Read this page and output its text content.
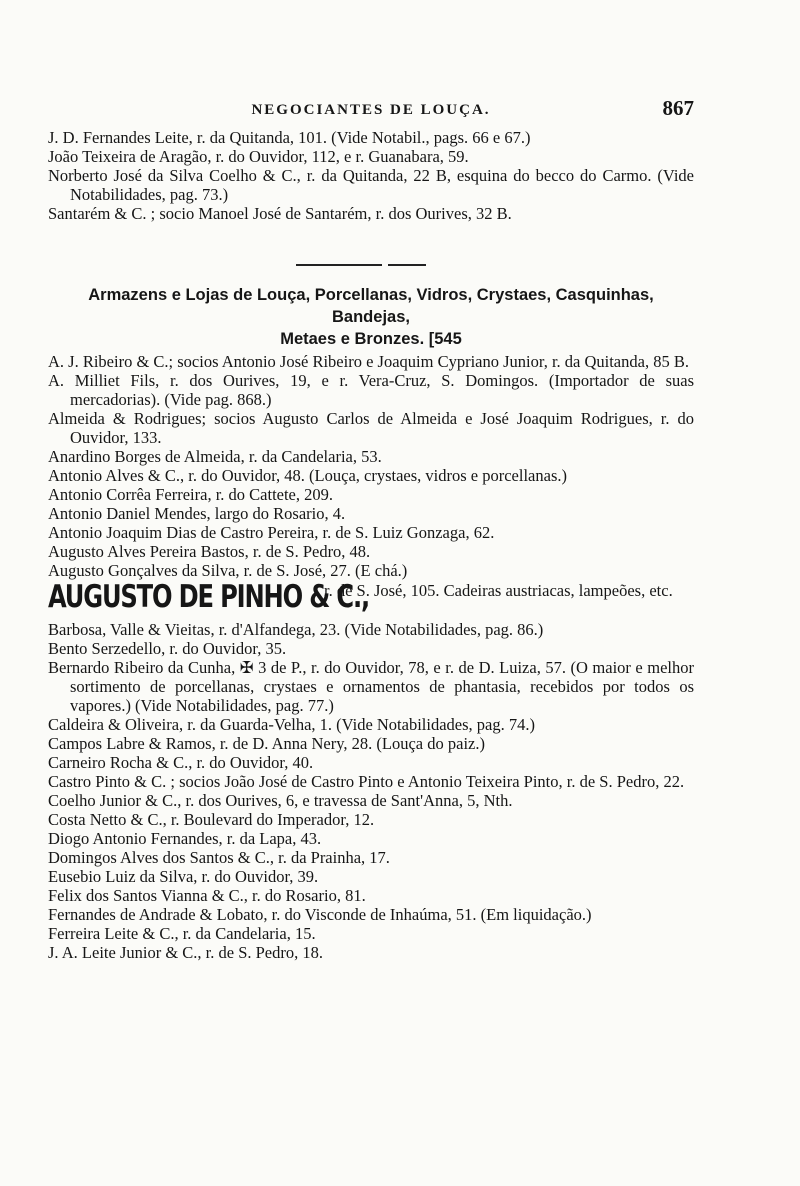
NEGOCIANTES DE LOUÇA.	867

J. D. Fernandes Leite, r. da Quitanda, 101. (Vide Notabil., pags. 66 e 67.)

João Teixeira de Aragão, r. do Ouvidor, 112, e r. Guanabara, 59.

Norberto José da Silva Coelho & C., r. da Quitanda, 22 B, esquina do becco do Carmo. (Vide Notabilidades, pag. 73.)

Santarém & C. ; socio Manoel José de Santarém, r. dos Ourives, 32 B.

Armazens e Lojas de Louça, Porcellanas, Vidros, Crystaes, Casquinhas, Bandejas,
Metaes e Bronzes. [545

A. J. Ribeiro & C.; socios Antonio José Ribeiro e Joaquim Cypriano Junior, r. da Quitanda, 85 B.

A. Milliet Fils, r. dos Ourives, 19, e r. Vera-Cruz, S. Domingos. (Importador de suas mercadorias). (Vide pag. 868.)

Almeida & Rodrigues; socios Augusto Carlos de Almeida e José Joaquim Rodrigues, r. do Ouvidor, 133.

Anardino Borges de Almeida, r. da Candelaria, 53.

Antonio Alves & C., r. do Ouvidor, 48. (Louça, crystaes, vidros e porcellanas.)

Antonio Corrêa Ferreira, r. do Cattete, 209.

Antonio Daniel Mendes, largo do Rosario, 4.

Antonio Joaquim Dias de Castro Pereira, r. de S. Luiz Gonzaga, 62.

Augusto Alves Pereira Bastos, r. de S. Pedro, 48.

Augusto Gonçalves da Silva, r. de S. José, 27. (E chá.)

AUGUSTO DE PINHO & C.,
r. de S. José, 105. Cadeiras austriacas, lampeões, etc.

Barbosa, Valle & Vieitas, r. d'Alfandega, 23. (Vide Notabilidades, pag. 86.)

Bento Serzedello, r. do Ouvidor, 35.

Bernardo Ribeiro da Cunha, ✠ 3 de P., r. do Ouvidor, 78, e r. de D. Luiza, 57. (O maior e melhor sortimento de porcellanas, crystaes e ornamentos de phantasia, recebidos por todos os vapores.) (Vide Notabilidades, pag. 77.)

Caldeira & Oliveira, r. da Guarda-Velha, 1. (Vide Notabilidades, pag. 74.)

Campos Labre & Ramos, r. de D. Anna Nery, 28. (Louça do paiz.)

Carneiro Rocha & C., r. do Ouvidor, 40.

Castro Pinto & C. ; socios João José de Castro Pinto e Antonio Teixeira Pinto, r. de S. Pedro, 22.

Coelho Junior & C., r. dos Ourives, 6, e travessa de Sant'Anna, 5, Nth.

Costa Netto & C., r. Boulevard do Imperador, 12.

Diogo Antonio Fernandes, r. da Lapa, 43.

Domingos Alves dos Santos & C., r. da Prainha, 17.

Eusebio Luiz da Silva, r. do Ouvidor, 39.

Felix dos Santos Vianna & C., r. do Rosario, 81.

Fernandes de Andrade & Lobato, r. do Visconde de Inhaúma, 51. (Em liquidação.)

Ferreira Leite & C., r. da Candelaria, 15.

J. A. Leite Junior & C., r. de S. Pedro, 18.
